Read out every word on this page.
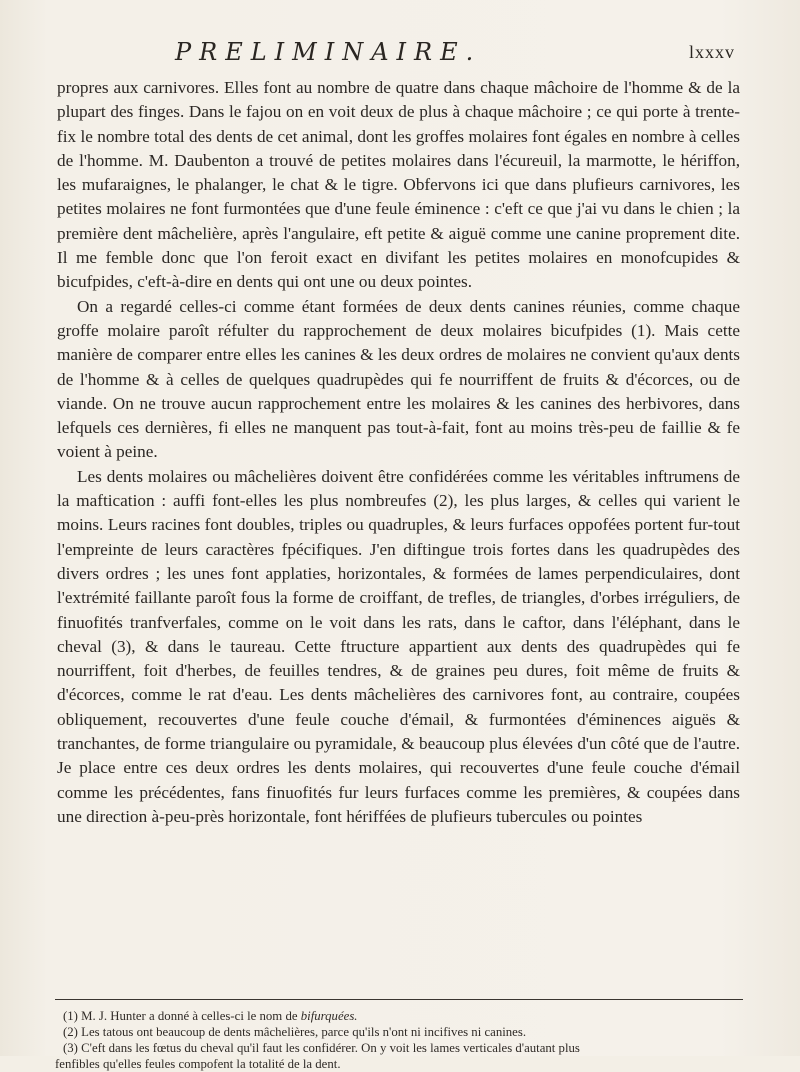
PRELIMINAIRE.	lxxxv

propres aux carnivores. Elles font au nombre de quatre dans chaque mâchoire de l'homme & de la plupart des finges. Dans le fajou on en voit deux de plus à chaque mâchoire ; ce qui porte à trente-fix le nombre total des dents de cet animal, dont les groffes molaires font égales en nombre à celles de l'homme. M. Daubenton a trouvé de petites molaires dans l'écureuil, la marmotte, le hériffon, les mufaraignes, le phalanger, le chat & le tigre. Obfervons ici que dans plufieurs carnivores, les petites molaires ne font furmontées que d'une feule éminence : c'eft ce que j'ai vu dans le chien ; la première dent mâchelière, après l'angulaire, eft petite & aiguë comme une canine proprement dite. Il me femble donc que l'on feroit exact en divifant les petites molaires en monofcupides & bicufpides, c'eft-à-dire en dents qui ont une ou deux pointes.

On a regardé celles-ci comme étant formées de deux dents canines réunies, comme chaque groffe molaire paroît réfulter du rapprochement de deux molaires bicufpides (1). Mais cette manière de comparer entre elles les canines & les deux ordres de molaires ne convient qu'aux dents de l'homme & à celles de quelques quadrupèdes qui fe nourriffent de fruits & d'écorces, ou de viande. On ne trouve aucun rapprochement entre les molaires & les canines des herbivores, dans lefquels ces dernières, fi elles ne manquent pas tout-à-fait, font au moins très-peu de faillie & fe voient à peine.

Les dents molaires ou mâchelières doivent être confidérées comme les véritables inftrumens de la maftication : auffi font-elles les plus nombreufes (2), les plus larges, & celles qui varient le moins. Leurs racines font doubles, triples ou quadruples, & leurs furfaces oppofées portent fur-tout l'empreinte de leurs caractères fpécifiques. J'en diftingue trois fortes dans les quadrupèdes des divers ordres ; les unes font applaties, horizontales, & formées de lames perpendiculaires, dont l'extrémité faillante paroît fous la forme de croiffant, de trefles, de triangles, d'orbes irréguliers, de finuofités tranfverfales, comme on le voit dans les rats, dans le caftor, dans l'éléphant, dans le cheval (3), & dans le taureau. Cette ftructure appartient aux dents des quadrupèdes qui fe nourriffent, foit d'herbes, de feuilles tendres, & de graines peu dures, foit même de fruits & d'écorces, comme le rat d'eau. Les dents mâchelières des carnivores font, au contraire, coupées obliquement, recouvertes d'une feule couche d'émail, & furmontées d'éminences aiguës & tranchantes, de forme triangulaire ou pyramidale, & beaucoup plus élevées d'un côté que de l'autre. Je place entre ces deux ordres les dents molaires, qui recouvertes d'une feule couche d'émail comme les précédentes, fans finuofités fur leurs furfaces comme les premières, & coupées dans une direction à-peu-près horizontale, font hériffées de plufieurs tubercules ou pointes

(1) M. J. Hunter a donné à celles-ci le nom de bifurquées.

(2) Les tatous ont beaucoup de dents mâchelières, parce qu'ils n'ont ni incifives ni canines.

(3) C'eft dans les fœtus du cheval qu'il faut les confidérer. On y voit les lames verticales d'autant plus

fenfibles qu'elles feules compofent la totalité de la dent.
